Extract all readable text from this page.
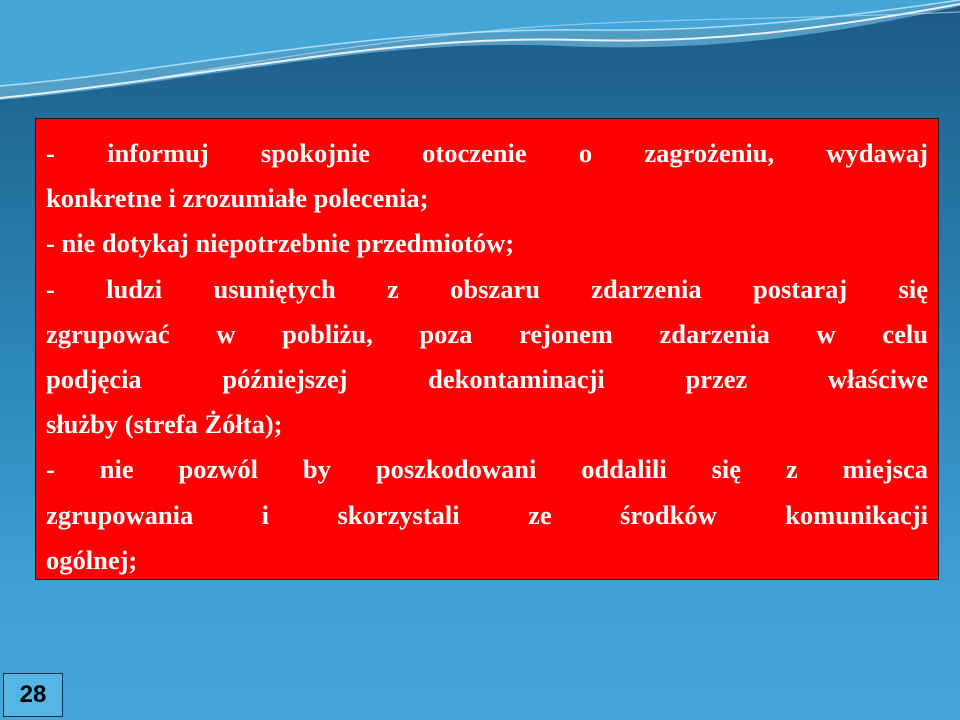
- informuj spokojnie otoczenie o zagrożeniu, wydawaj
konkretne i zrozumiałe polecenia;
- nie dotykaj niepotrzebnie przedmiotów;
- ludzi usuniętych z obszaru zdarzenia postaraj się
zgrupować w pobliżu, poza rejonem zdarzenia w celu
podjęcia późniejszej dekontaminacji przez właściwe
służby (strefa Żółta);
- nie pozwól by poszkodowani oddalili się z miejsca
zgrupowania i skorzystali ze środków komunikacji
ogólnej;
28
